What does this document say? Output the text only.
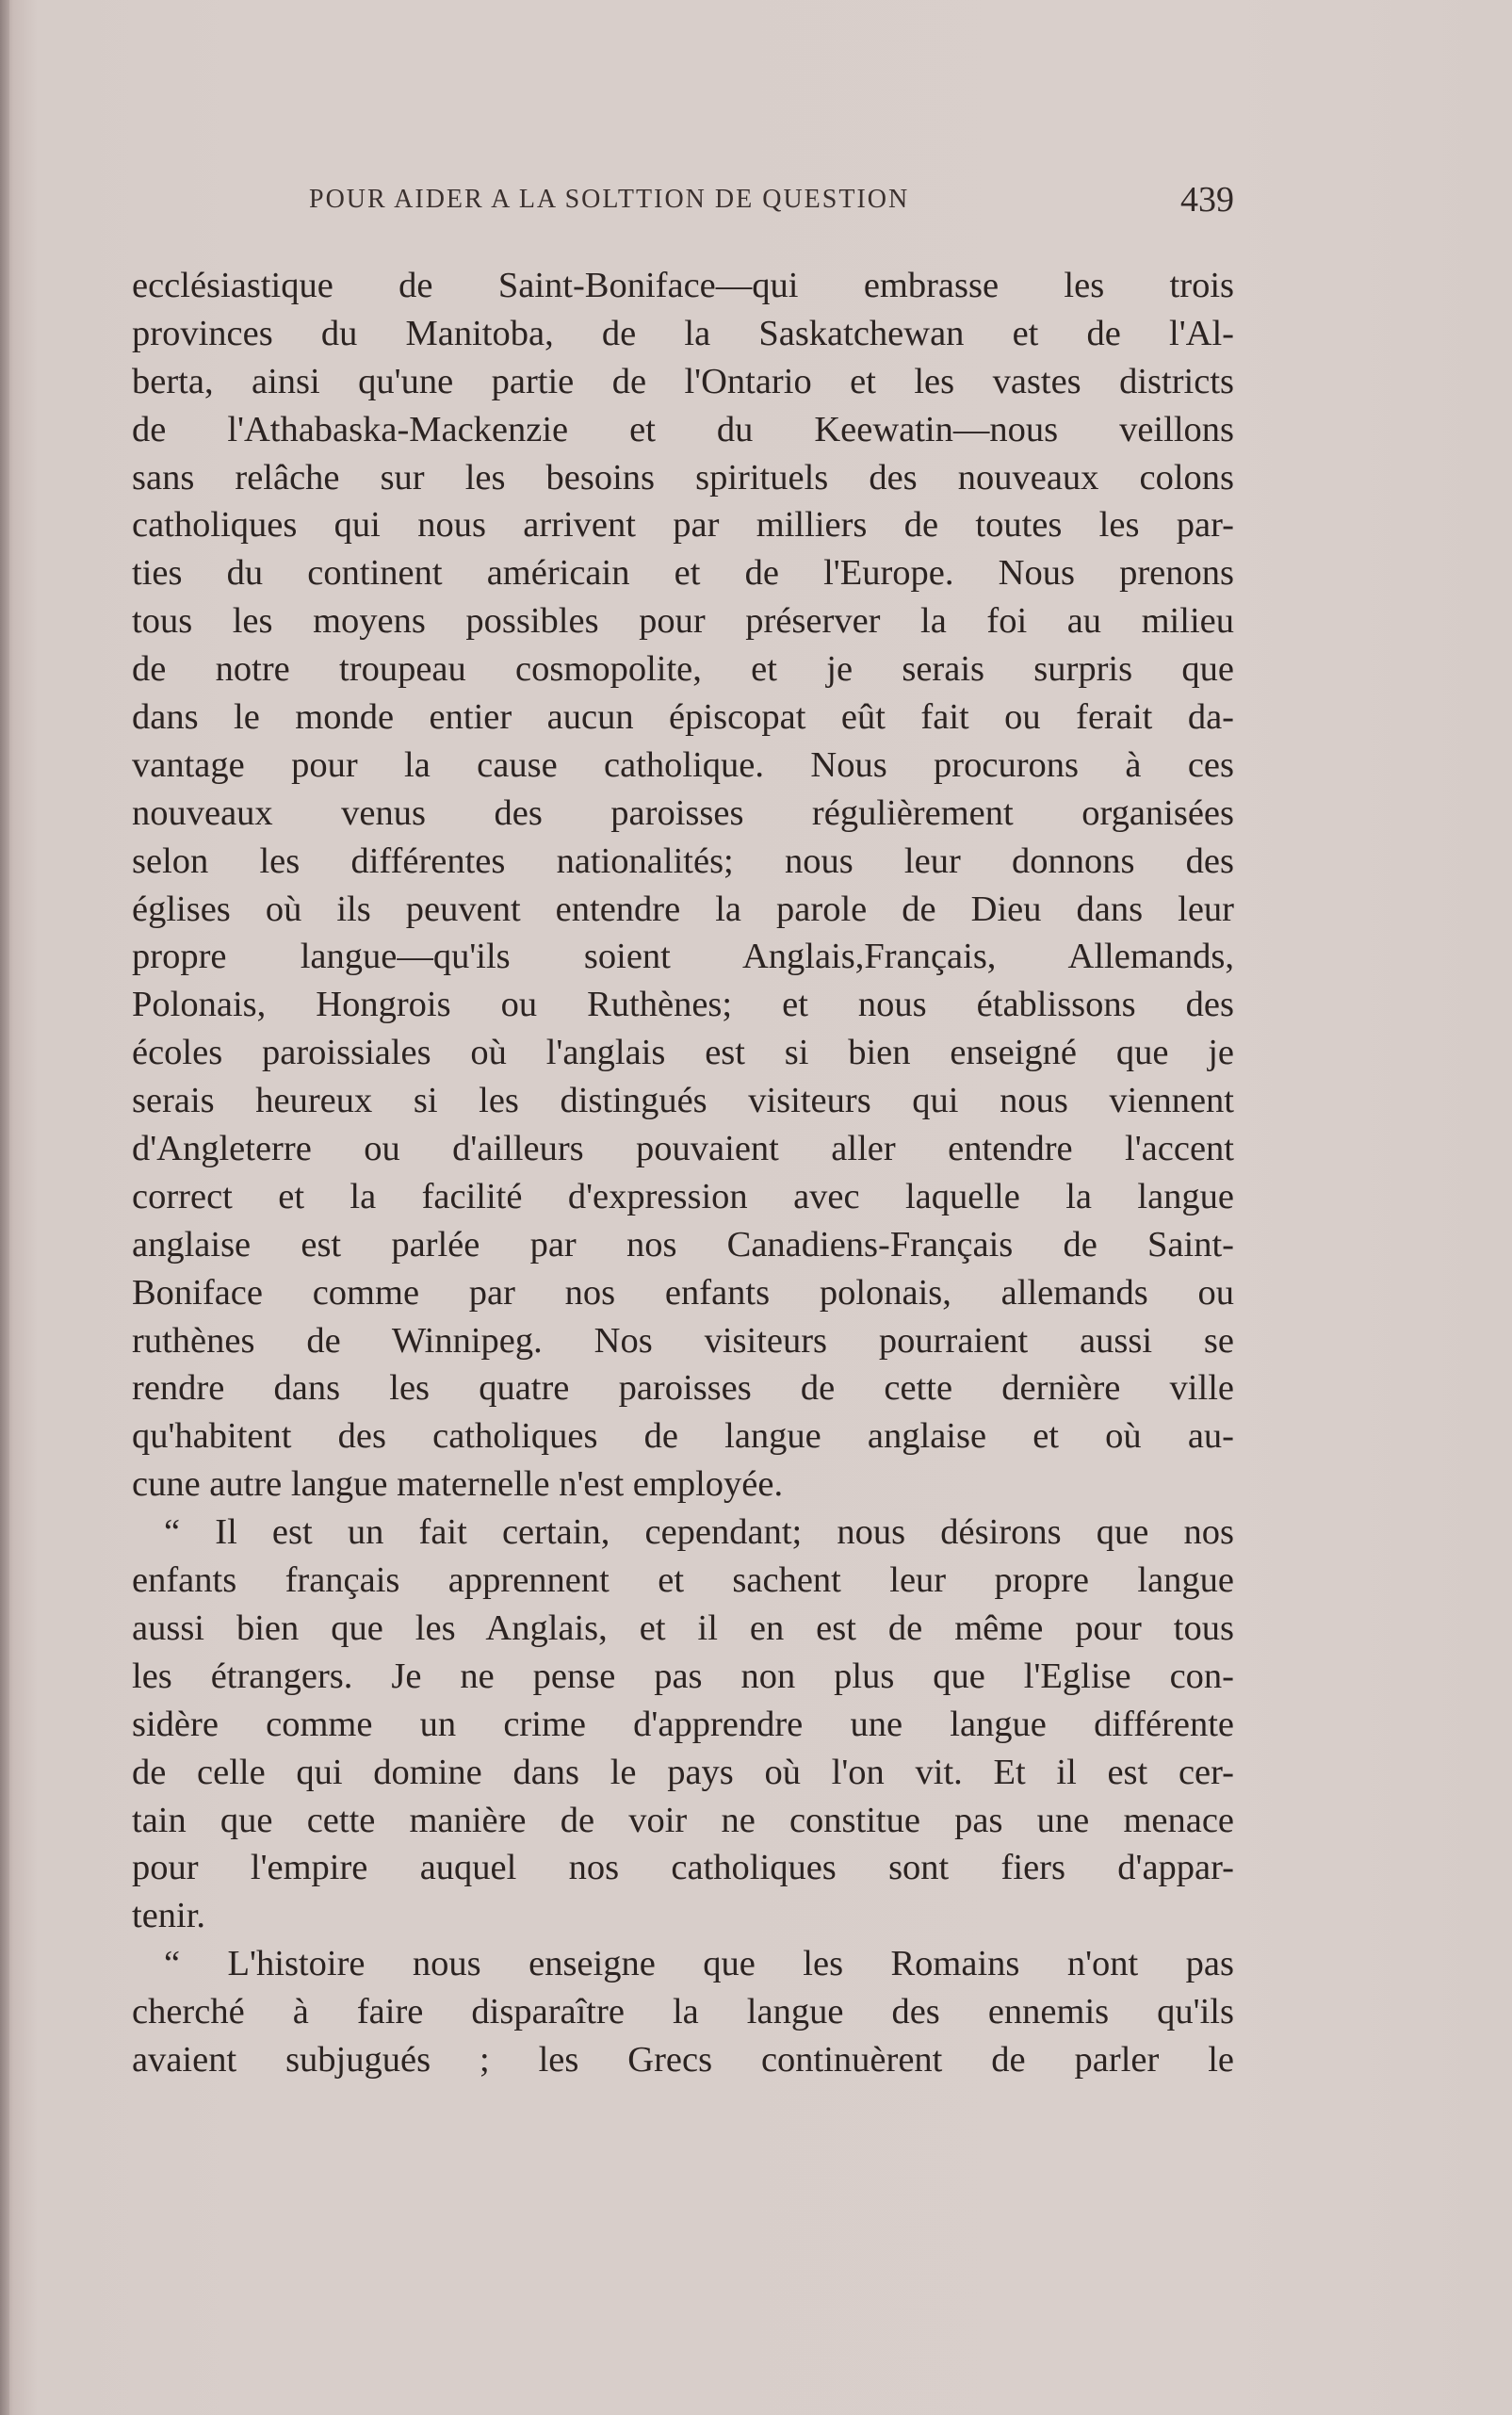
POUR AIDER A LA SOLTTION DE QUESTION	439
ecclésiastique de Saint-Boniface—qui embrasse les trois
provinces du Manitoba, de la Saskatchewan et de l'Al-
berta, ainsi qu'une partie de l'Ontario et les vastes districts
de l'Athabaska-Mackenzie et du Keewatin—nous veillons
sans relâche sur les besoins spirituels des nouveaux colons
catholiques qui nous arrivent par milliers de toutes les par-
ties du continent américain et de l'Europe. Nous prenons
tous les moyens possibles pour préserver la foi au milieu
de notre troupeau cosmopolite, et je serais surpris que
dans le monde entier aucun épiscopat eût fait ou ferait da-
vantage pour la cause catholique. Nous procurons à ces
nouveaux venus des paroisses régulièrement organisées
selon les différentes nationalités; nous leur donnons des
églises où ils peuvent entendre la parole de Dieu dans leur
propre langue—qu'ils soient Anglais,Français, Allemands,
Polonais, Hongrois ou Ruthènes; et nous établissons des
écoles paroissiales où l'anglais est si bien enseigné que je
serais heureux si les distingués visiteurs qui nous viennent
d'Angleterre ou d'ailleurs pouvaient aller entendre l'accent
correct et la facilité d'expression avec laquelle la langue
anglaise est parlée par nos Canadiens-Français de Saint-
Boniface comme par nos enfants polonais, allemands ou
ruthènes de Winnipeg. Nos visiteurs pourraient aussi se
rendre dans les quatre paroisses de cette dernière ville
qu'habitent des catholiques de langue anglaise et où au-
cune autre langue maternelle n'est employée.
“ Il est un fait certain, cependant; nous désirons que nos
enfants français apprennent et sachent leur propre langue
aussi bien que les Anglais, et il en est de même pour tous
les étrangers. Je ne pense pas non plus que l'Eglise con-
sidère comme un crime d'apprendre une langue différente
de celle qui domine dans le pays où l'on vit. Et il est cer-
tain que cette manière de voir ne constitue pas une menace
pour l'empire auquel nos catholiques sont fiers d'appar-
tenir.
“ L'histoire nous enseigne que les Romains n'ont pas
cherché à faire disparaître la langue des ennemis qu'ils
avaient subjugués ; les Grecs continuèrent de parler le
